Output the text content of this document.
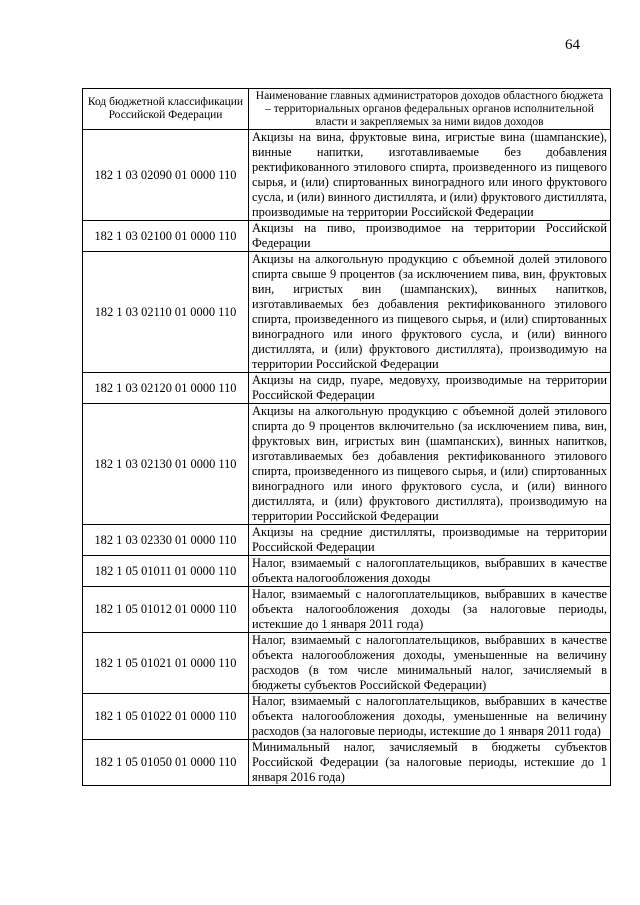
64
Код бюджетной классификации Российской Федерации	Наименование главных администраторов доходов областного бюджета – территориальных органов федеральных органов исполнительной власти и закрепляемых за ними видов доходов
182 1 03 02090 01 0000 110	Акцизы на вина, фруктовые вина, игристые вина (шампанские), винные напитки, изготавливаемые без добавления ректификованного этилового спирта, произведенного из пищевого сырья, и (или) спиртованных виноградного или иного фруктового сусла, и (или) винного дистиллята, и (или) фруктового дистиллята, производимые на территории Российской Федерации
182 1 03 02100 01 0000 110	Акцизы на пиво, производимое на территории Российской Федерации
182 1 03 02110 01 0000 110	Акцизы на алкогольную продукцию с объемной долей этилового спирта свыше 9 процентов (за исключением пива, вин, фруктовых вин, игристых вин (шампанских), винных напитков, изготавливаемых без добавления ректификованного этилового спирта, произведенного из пищевого сырья, и (или) спиртованных виноградного или иного фруктового сусла, и (или) винного дистиллята, и (или) фруктового дистиллята), производимую на территории Российской Федерации
182 1 03 02120 01 0000 110	Акцизы на сидр, пуаре, медовуху, производимые на территории Российской Федерации
182 1 03 02130 01 0000 110	Акцизы на алкогольную продукцию с объемной долей этилового спирта до 9 процентов включительно (за исключением пива, вин, фруктовых вин, игристых вин (шампанских), винных напитков, изготавливаемых без добавления ректификованного этилового спирта, произведенного из пищевого сырья, и (или) спиртованных виноградного или иного фруктового сусла, и (или) винного дистиллята, и (или) фруктового дистиллята), производимую на территории Российской Федерации
182 1 03 02330 01 0000 110	Акцизы на средние дистилляты, производимые на территории Российской Федерации
182 1 05 01011 01 0000 110	Налог, взимаемый с налогоплательщиков, выбравших в качестве объекта налогообложения доходы
182 1 05 01012 01 0000 110	Налог, взимаемый с налогоплательщиков, выбравших в качестве объекта налогообложения доходы (за налоговые периоды, истекшие до 1 января 2011 года)
182 1 05 01021 01 0000 110	Налог, взимаемый с налогоплательщиков, выбравших в качестве объекта налогообложения доходы, уменьшенные на величину расходов (в том числе минимальный налог, зачисляемый в бюджеты субъектов Российской Федерации)
182 1 05 01022 01 0000 110	Налог, взимаемый с налогоплательщиков, выбравших в качестве объекта налогообложения доходы, уменьшенные на величину расходов (за налоговые периоды, истекшие до 1 января 2011 года)
182 1 05 01050 01 0000 110	Минимальный налог, зачисляемый в бюджеты субъектов Российской Федерации (за налоговые периоды, истекшие до 1 января 2016 года)
